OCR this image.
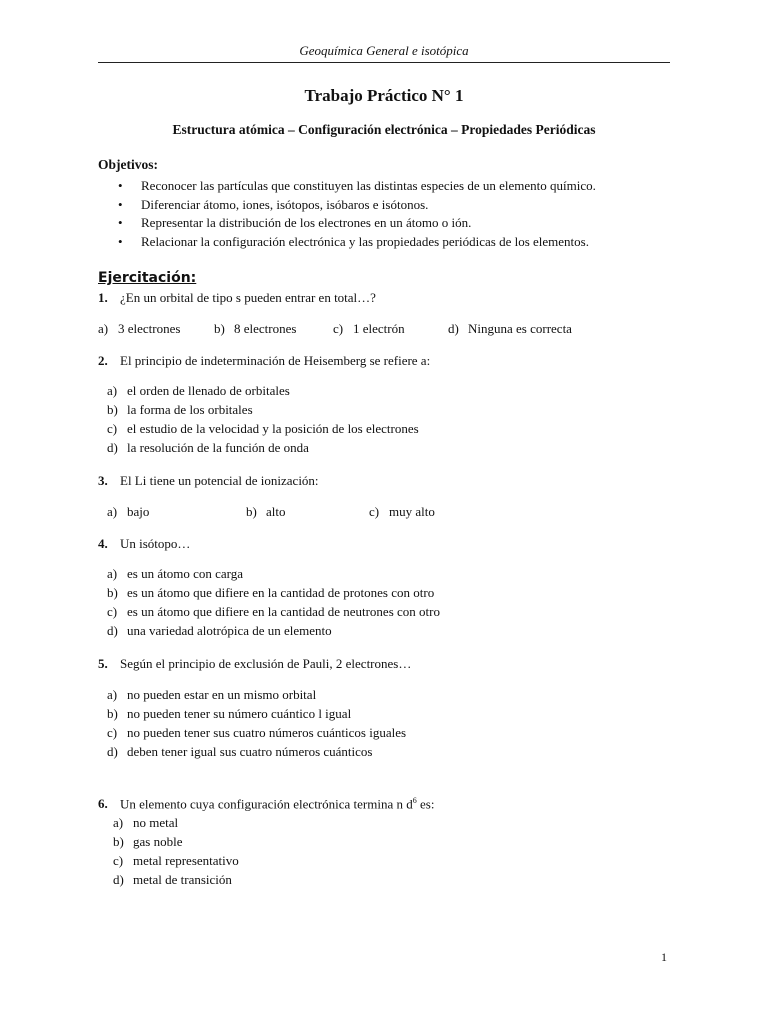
Geoquímica General e isotópica
Trabajo Práctico N° 1
Estructura atómica – Configuración electrónica – Propiedades Periódicas
Objetivos:
• Reconocer las partículas que constituyen las distintas especies de un elemento químico.
• Diferenciar átomo, iones, isótopos, isóbaros e isótonos.
• Representar la distribución de los electrones en un átomo o ión.
• Relacionar la configuración electrónica y las propiedades periódicas de los elementos.
Ejercitación:
1. ¿En un orbital de tipo s pueden entrar en total…?
a) 3 electrones	b) 8 electrones	c) 1 electrón	d) Ninguna es correcta
2. El principio de indeterminación de Heisemberg se refiere a:
a) el orden de llenado de orbitales
b) la forma de los orbitales
c) el estudio de la velocidad y la posición de los electrones
d) la resolución de la función de onda
3. El Li tiene un potencial de ionización:
a) bajo	b) alto	c) muy alto
4. Un isótopo…
a) es un átomo con carga
b) es un átomo que difiere en la cantidad de protones con otro
c) es un átomo que difiere en la cantidad de neutrones con otro
d) una variedad alotrópica de un elemento
5. Según el principio de exclusión de Pauli, 2 electrones…
a) no pueden estar en un mismo orbital
b) no pueden tener su número cuántico l igual
c) no pueden tener sus cuatro números cuánticos iguales
d) deben tener igual sus cuatro números cuánticos
6. Un elemento cuya configuración electrónica termina n $d^6$ es:
a) no metal
b) gas noble
c) metal representativo
d) metal de transición
1
